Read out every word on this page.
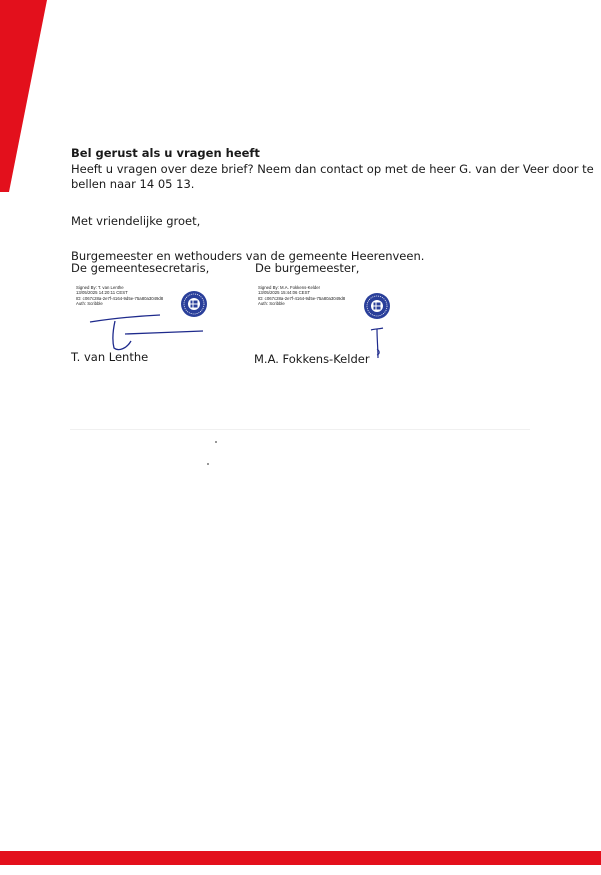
Bel gerust als u vragen heeft
Heeft u vragen over deze brief? Neem dan contact op met de heer G. van der Veer door te
bellen naar 14 05 13.
Met vriendelijke groet,
Burgemeester en wethouders van de gemeente Heerenveen.
De gemeentesecretaris,	De burgemeester,
Signed By: T. van Lenthe
13/05/2025 14:20:11 CEST
ID: c067c28a-2e7f-4164-9d5e-75a80a3049d8
Auth: Scribble
T. van Lenthe
Signed By: M.A. Fokkens-Kelder
13/05/2025 15:44:06 CEST
ID: c067c28a-2e7f-4164-9d5e-75a80a3049d8
Auth: Scribble
M.A. Fokkens-Kelder
